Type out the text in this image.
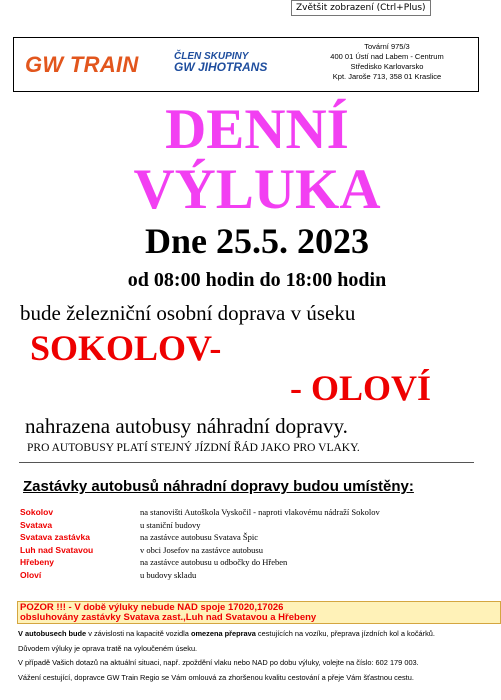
Zvětšit zobrazení (Ctrl+Plus)
GW TRAIN	ČLEN SKUPINY
GW JIHOTRANS
Tovární 975/3
400 01 Ústí nad Labem - Centrum
Středisko Karlovarsko
Kpt. Jaroše 713, 358 01 Kraslice
DENNÍ
VÝLUKA
Dne 25.5. 2023
od 08:00 hodin do 18:00 hodin
bude železniční osobní doprava v úseku
SOKOLOV-
- OLOVÍ
nahrazena autobusy náhradní dopravy.
PRO AUTOBUSY PLATÍ STEJNÝ JÍZDNÍ ŘÁD JAKO PRO VLAKY.
Zastávky autobusů náhradní dopravy budou umístěny:
Sokolov	na stanovišti Autoškola Vyskočil - naproti vlakovému nádraží Sokolov
Svatava	u staniční budovy
Svatava zastávka	na zastávce autobusu Svatava Špic
Luh nad Svatavou	v obci Josefov na zastávce autobusu
Hřebeny	na zastávce autobusu u odbočky do Hřeben
Oloví	u budovy skladu
POZOR !!! - V době výluky nebude NAD spoje 17020,17026
obsluhovány zastávky Svatava zast.,Luh nad Svatavou a Hřebeny

V autobusech bude v závislosti na kapacitě vozidla omezena přeprava cestujících na vozíku, přeprava jízdních kol a kočárků.

Důvodem výluky je oprava tratě na vyloučeném úseku.

V případě Vašich dotazů na aktuální situaci, např. zpoždění vlaku nebo NAD po dobu výluky, volejte na číslo: 602 179 003.

Vážení cestující, dopravce GW Train Regio se Vám omlouvá za zhoršenou kvalitu cestování a přeje Vám šťastnou cestu.
